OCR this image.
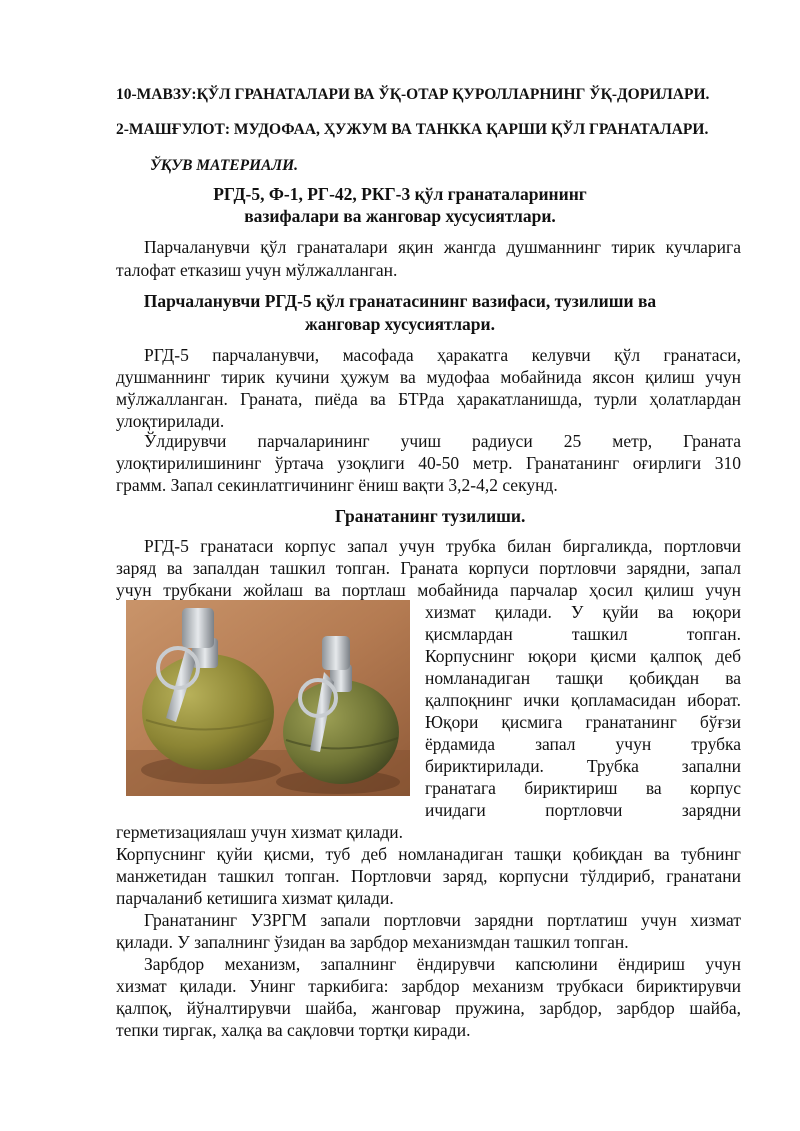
10-МАВЗУ:ҚЎЛ ГРАНАТАЛАРИ ВА ЎҚ-ОТАР ҚУРОЛЛАРНИНГ ЎҚ-ДОРИЛАРИ.
2-МАШҒУЛОТ: МУДОФАА, ҲУЖУМ ВА ТАНККА ҚАРШИ ҚЎЛ ГРАНАТАЛАРИ.
ЎҚУВ МАТЕРИАЛИ.
РГД-5, Ф-1, РГ-42, РКГ-3 қўл гранаталарининг
вазифалари ва жанговар хусусиятлари.
Парчаланувчи қўл гранаталари яқин жангда душманнинг тирик кучларига
талофат етказиш учун мўлжалланган.
Парчаланувчи РГД-5 қўл гранатасининг вазифаси, тузилиши ва
жанговар хусусиятлари.
РГД-5 парчаланувчи, масофада ҳаракатга келувчи қўл гранатаси,
душманнинг тирик кучини ҳужум ва мудофаа мобайнида яксон қилиш учун
мўлжалланган. Граната, пиёда ва БТРда ҳаракатланишда, турли ҳолатлардан
улоқтирилади.
Ўлдирувчи парчаларининг учиш радиуси 25 метр, Граната
улоқтирилишининг ўртача узоқлиги 40-50 метр. Гранатанинг оғирлиги 310
грамм. Запал секинлатгичининг ёниш вақти 3,2-4,2 секунд.
Гранатанинг тузилиши.
РГД-5 гранатаси корпус запал учун трубка билан биргаликда, портловчи
заряд ва запалдан ташкил топган. Граната корпуси портловчи зарядни, запал
учун трубкани жойлаш ва портлаш мобайнида парчалар ҳосил қилиш учун
хизмат қилади. У қуйи ва юқори
қисмлардан ташкил топган.
Корпуснинг юқори қисми қалпоқ деб
номланадиган ташқи қобиқдан ва
қалпоқнинг ички қопламасидан иборат.
Юқори қисмига гранатанинг бўғзи
ёрдамида запал учун трубка
бириктирилади. Трубка запални
гранатага бириктириш ва корпус
ичидаги портловчи зарядни
герметизациялаш учун хизмат қилади.
Корпуснинг қуйи қисми, туб деб номланадиган ташқи қобиқдан ва тубнинг
манжетидан ташкил топган. Портловчи заряд, корпусни тўлдириб, гранатани
парчаланиб кетишига хизмат қилади.
Гранатанинг УЗРГМ запали портловчи зарядни портлатиш учун хизмат
қилади. У запалнинг ўзидан ва зарбдор механизмдан ташкил топган.
Зарбдор механизм, запалнинг ёндирувчи капсюлини ёндириш учун
хизмат қилади. Унинг таркибига: зарбдор механизм трубкаси бириктирувчи
қалпоқ, йўналтирувчи шайба, жанговар пружина, зарбдор, зарбдор шайба,
тепки тиргак, халқа ва сақловчи тортқи киради.
